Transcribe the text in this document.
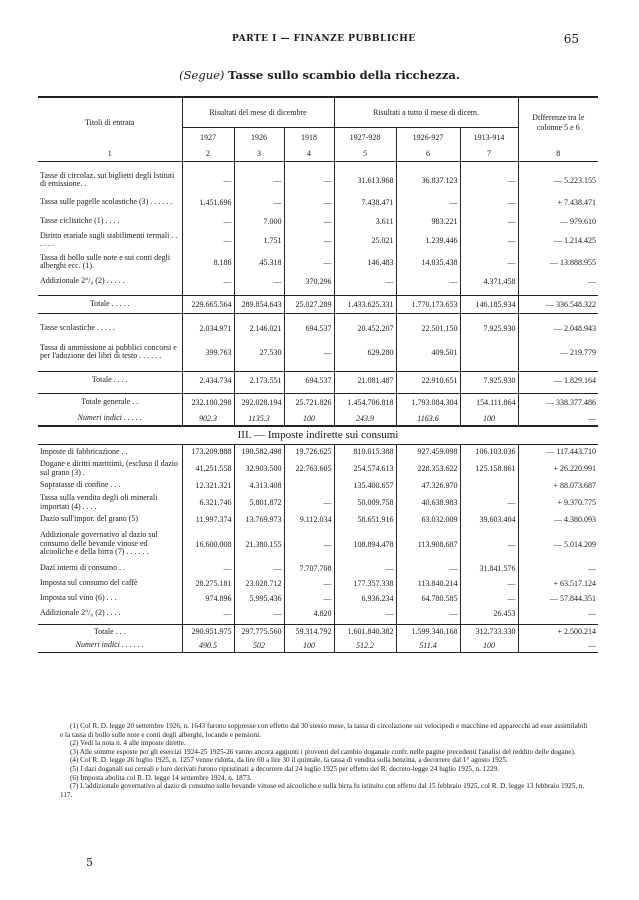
PARTE I — FINANZE PUBBLICHE	65
(Segue) Tasse sullo scambio della ricchezza.
Titoli di entrata	Risultati del mese di dicembre			Risultati a tutto il mese di dicem.			Differenze tra le colonne 5 e 6
	1927	1926	1918	1927-928	1926-927	1913-914	
1	2	3	4	5	6	7	8

Tasse di circolaz. sui biglietti degli Istituti di emissione. .	—	—	—	31.613.968	36.837.123	—	— 5.223.155
Tassa sulle pagelle scolastiche (3) . . . . . .	1.451.696	—	—	7.438.471	—	—	+ 7.438.471
Tasse ciclistiche (1) . . . .	—	7.000	—	3.611	983.221	—	— 979.610
Diritto erariale sugli stabilimenti termali . . . . . .	—	1.751	—	25.021	1.239.446	—	— 1.214.425
Tassa di bollo sulle note e sui conti degli alberghi ecc. (1).	8.186	45.318	—	146.483	14.035.438	—	— 13.888.955
Addizionale 2°/₀ (2) . . . . .	—	—	370.296	—	—	4.371.458	—

Totale . . . . .	229.665.564	289.854.643	25.027.289	1.433.625.331	1.770.173.653	146.185.934	— 336.548.322

Tasse scolastiche . . . . .	2.034.971	2.146.021	694.537	20.452.207	22.501.150	7.925.930	— 2.048.943
Tassa di ammissione ai pubblici concorsi e per l'adozione dei libri di testo . . . . . .	399.763	27.530	—	629.280	409.501		— 219.779

Totale . . . .	2.434.734	2.173.551	694.537	21.081.487	22.910.651	7.925.930	— 1.829.164

Totale generale . .	232.100.298	292.028.194	25.721.826	1.454.706.818	1.793.084.304	154.111.864	— 338.377.486
Numeri indici . . . . .	902.3	1135.3	100	243.9	1163.6	100	—
III. — Imposte indirette sui consumi							
Imposte di fabbricazione . .	173.209.888	190.582.498	19.726.625	810.015.388	927.459.098	106.103.036	— 117.443.710
Dogane e diritti marittimi, (escluso il dazio sul grano (3) .	41.251.558	32.903.500	22.763.605	254.574.613	228.353.622	125.158.861	+ 26.220.991
Sopratasse di confine . . .	12.321.321	4.313.408		135.400.657	47.326.970		+ 88.073.687
Tassa sulla vendita degli oli minerali importati (4) . . . .	6.321.746	5.801.872	—	50.009.758	40.638.983	—	+ 9.370.775
Dazio sull'impor. del grano (5)	11.997.374	13.769.973	9.112.034	58.651.916	63.032.009	39.603.404	— 4.380.093
Addizionale governativo al dazio sul consumo delle bevande vinose ed alcooliche e della birra (7) . . . . . .	16.600.008	21.380.155	—	108.894.478	113.908.687	—	— 5.014.209
Dazi interni di consumo . .	—	—	7.707.708	—	—	31.841.576	—
Imposta sul consumo del caffè	28.275.181	23.028.712	—	177.357.338	113.840.214	—	+ 63.517.124
Imposta sul vino (6) . . .	974.896	5.995.436	—	6.936.234	64.780.585	—	— 57.844.351
Addizionale 2°/₀ (2) . . . .	—	—	4.820	—	—	26.453	—

Totale . . .	290.951.975	297.775.560	59.314.792	1.601.840.382	1.599.340.168	312.733.330	+ 2.500.214
Numeri indici . . . . . .	490.5	502	100	512.2	511.4	100	—

(1) Col R. D. legge 20 settembre 1926, n. 1643 furono soppresse con effetto dal 30 stesso mese, la tassa di circolazione sui velocipedi e macchine ed apparecchi ad esse assimilabili e la tassa di bollo sulle note e conti degli alberghi, locande e pensioni.

(2) Vedi la nota n. 4 alle imposte dirette.

(3) Alle somme esposte per gli esercizi 1924-25 1925-26 vanno ancora aggiunti i proventi del cambio doganale confr. nelle pagine precedenti l'analisi del reddito delle dogane).

(4) Col R. D. legge 26 luglio 1925, n. 1257 venne ridotta, da lire 60 a lire 30 il quintale, la tassa di vendita sulla benzina, a decorrere dal 1° agosto 1925.

(5) I dazi doganali sui cereali e loro derivati furono ripristinati a decorrere dal 24 luglio 1925 per effetto del R. decreto-legge 24 luglio 1925, n. 1229.

(6) Imposta abolita col R. D. legge 14 settembre 1924, n. 1873.

(7) L'addizionale governativo al dazio di consumo sulle bevande vinose ed alcooliche e sulla birra fu istituito con effetto dal 15 febbraio 1925, col R. D. legge 13 febbraio 1925, n. 117.

5
